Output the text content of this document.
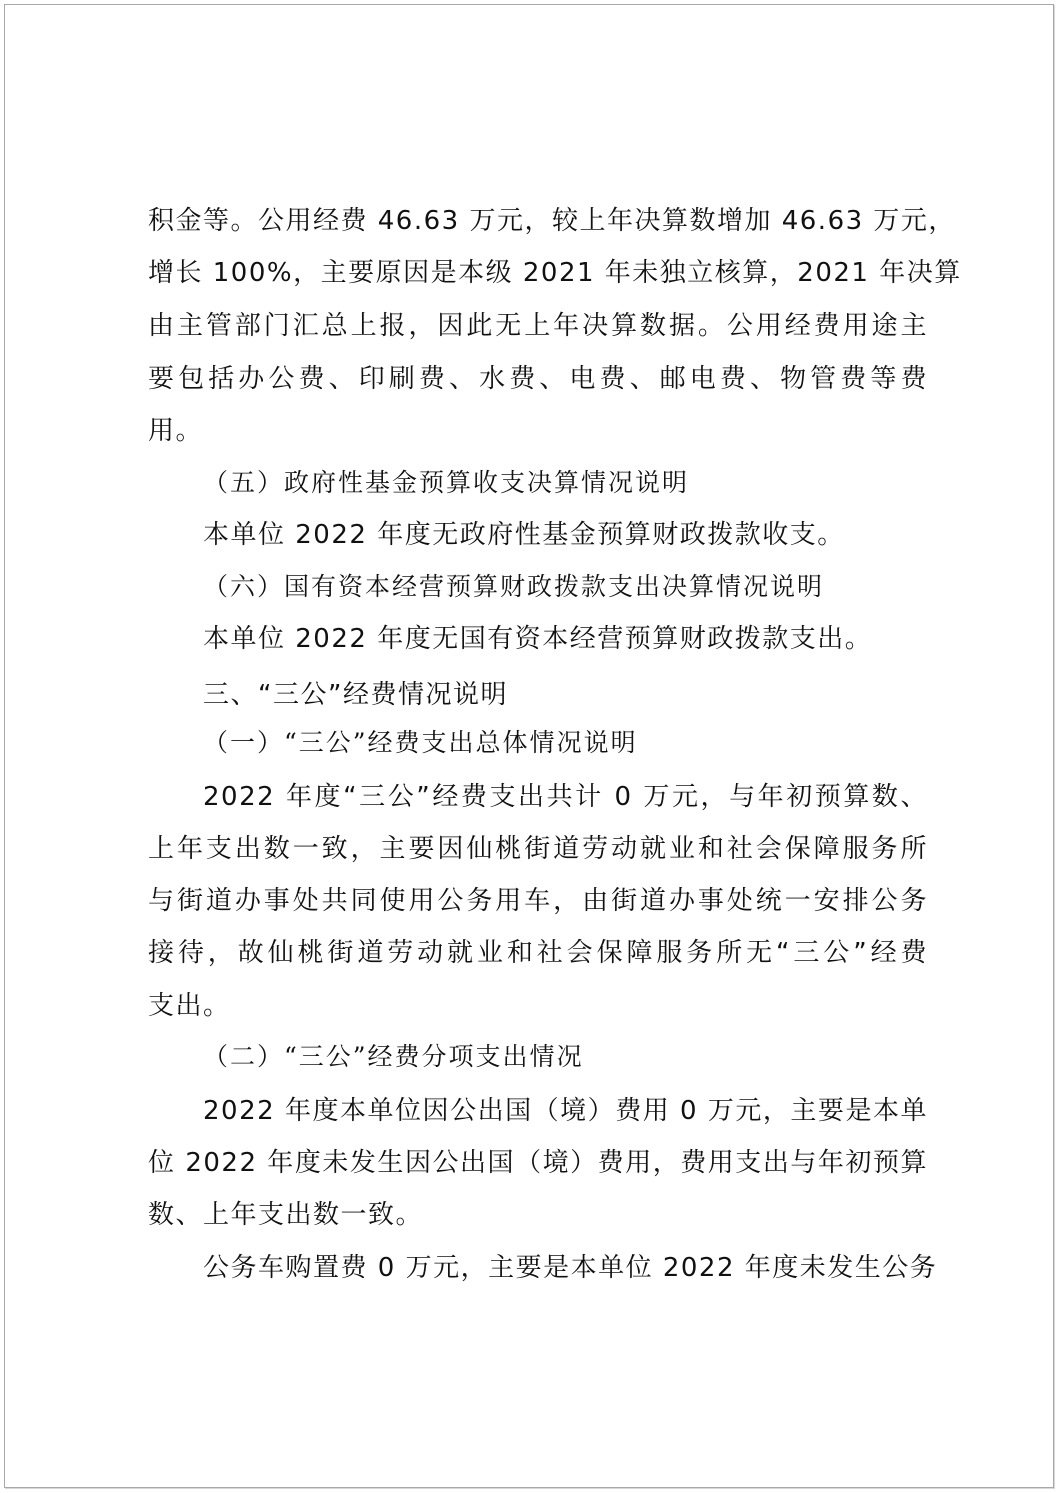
积金等。公用经费 46.63 万元，较上年决算数增加 46.63 万元，
增长 100%，主要原因是本级 2021 年未独立核算，2021 年决算
由主管部门汇总上报，因此无上年决算数据。公用经费用途主
要包括办公费、印刷费、水费、电费、邮电费、物管费等费
用。
（五）政府性基金预算收支决算情况说明
本单位 2022 年度无政府性基金预算财政拨款收支。
（六）国有资本经营预算财政拨款支出决算情况说明
本单位 2022 年度无国有资本经营预算财政拨款支出。
三、“三公”经费情况说明
（一）“三公”经费支出总体情况说明
2022 年度“三公”经费支出共计 0 万元，与年初预算数、
上年支出数一致，主要因仙桃街道劳动就业和社会保障服务所
与街道办事处共同使用公务用车，由街道办事处统一安排公务
接待，故仙桃街道劳动就业和社会保障服务所无“三公”经费
支出。
（二）“三公”经费分项支出情况
2022 年度本单位因公出国（境）费用 0 万元，主要是本单
位 2022 年度未发生因公出国（境）费用，费用支出与年初预算
数、上年支出数一致。
公务车购置费 0 万元，主要是本单位 2022 年度未发生公务
